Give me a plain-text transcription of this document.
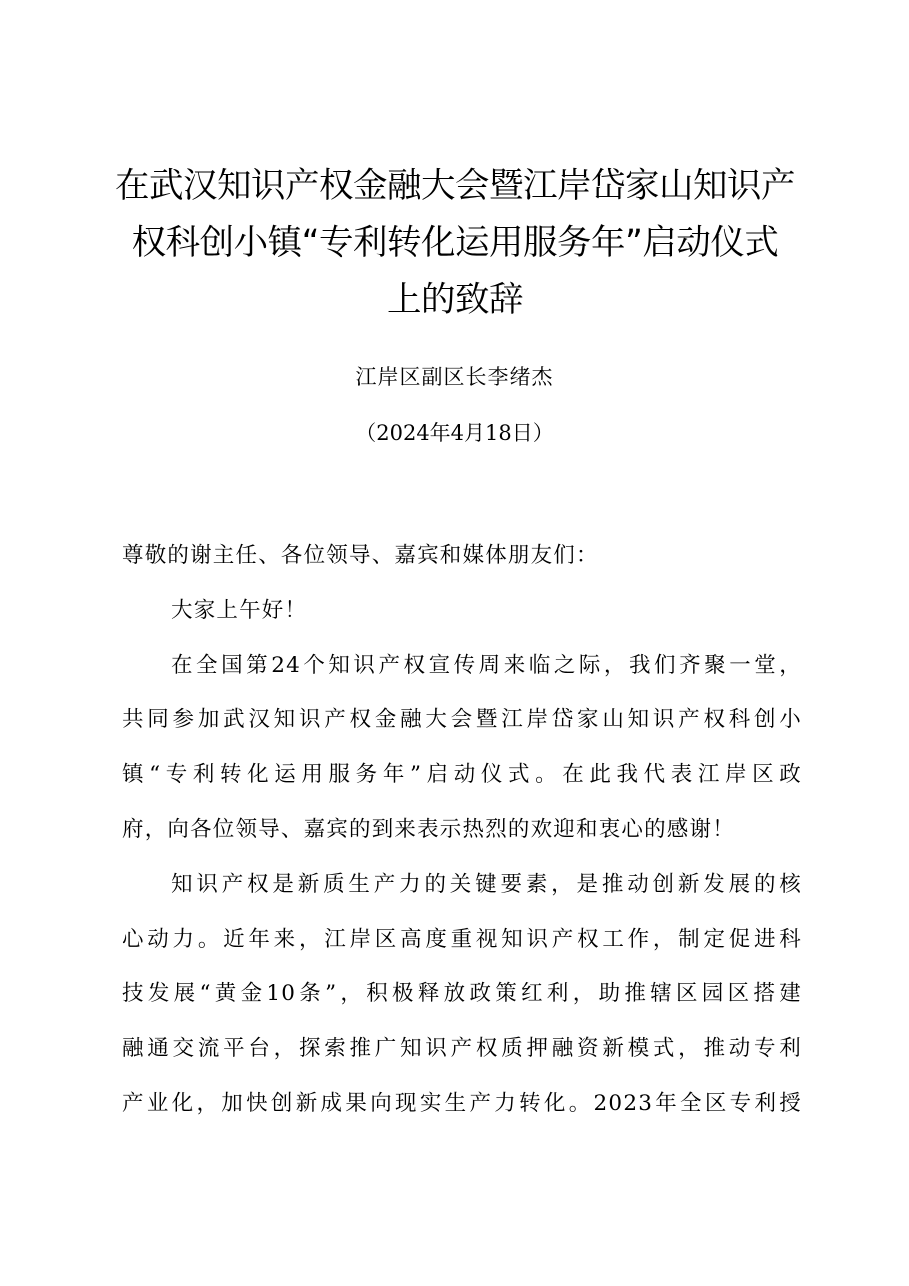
在武汉知识产权金融大会暨江岸岱家山知识产
权科创小镇“专利转化运用服务年”启动仪式
上的致辞
江岸区副区长李绪杰
（2024年4月18日）
尊敬的谢主任、各位领导、嘉宾和媒体朋友们：
大家上午好！
在全国第24个知识产权宣传周来临之际，我们齐聚一堂，
共同参加武汉知识产权金融大会暨江岸岱家山知识产权科创小
镇“专利转化运用服务年”启动仪式。在此我代表江岸区政
府，向各位领导、嘉宾的到来表示热烈的欢迎和衷心的感谢！
知识产权是新质生产力的关键要素，是推动创新发展的核
心动力。近年来，江岸区高度重视知识产权工作，制定促进科
技发展“黄金10条”，积极释放政策红利，助推辖区园区搭建
融通交流平台，探索推广知识产权质押融资新模式，推动专利
产业化，加快创新成果向现实生产力转化。2023年全区专利授
